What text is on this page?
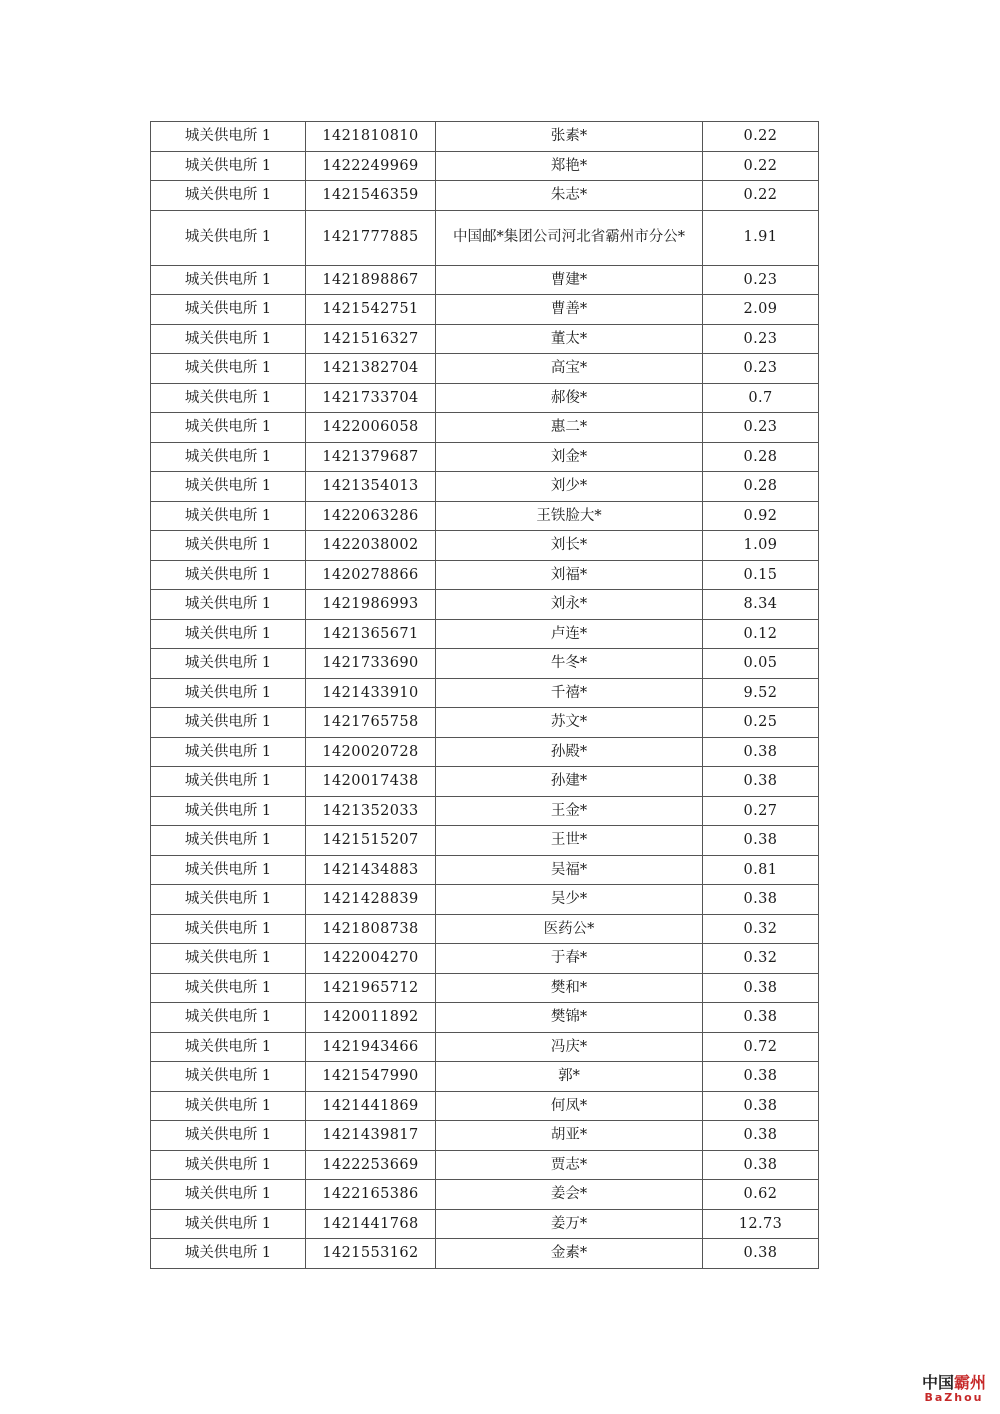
城关供电所 1	1421810810	张素*	0.22
城关供电所 1	1422249969	郑艳*	0.22
城关供电所 1	1421546359	朱志*	0.22
城关供电所 1	1421777885	中国邮*集团公司河北省霸州市分公*	1.91
城关供电所 1	1421898867	曹建*	0.23
城关供电所 1	1421542751	曹善*	2.09
城关供电所 1	1421516327	董太*	0.23
城关供电所 1	1421382704	高宝*	0.23
城关供电所 1	1421733704	郝俊*	0.7
城关供电所 1	1422006058	惠二*	0.23
城关供电所 1	1421379687	刘金*	0.28
城关供电所 1	1421354013	刘少*	0.28
城关供电所 1	1422063286	王铁脸大*	0.92
城关供电所 1	1422038002	刘长*	1.09
城关供电所 1	1420278866	刘福*	0.15
城关供电所 1	1421986993	刘永*	8.34
城关供电所 1	1421365671	卢连*	0.12
城关供电所 1	1421733690	牛冬*	0.05
城关供电所 1	1421433910	千禧*	9.52
城关供电所 1	1421765758	苏文*	0.25
城关供电所 1	1420020728	孙殿*	0.38
城关供电所 1	1420017438	孙建*	0.38
城关供电所 1	1421352033	王金*	0.27
城关供电所 1	1421515207	王世*	0.38
城关供电所 1	1421434883	吴福*	0.81
城关供电所 1	1421428839	吴少*	0.38
城关供电所 1	1421808738	医药公*	0.32
城关供电所 1	1422004270	于春*	0.32
城关供电所 1	1421965712	樊和*	0.38
城关供电所 1	1420011892	樊锦*	0.38
城关供电所 1	1421943466	冯庆*	0.72
城关供电所 1	1421547990	郭*	0.38
城关供电所 1	1421441869	何凤*	0.38
城关供电所 1	1421439817	胡亚*	0.38
城关供电所 1	1422253669	贾志*	0.38
城关供电所 1	1422165386	姜会*	0.62
城关供电所 1	1421441768	姜万*	12.73
城关供电所 1	1421553162	金素*	0.38
中国霸州
BaZhou
